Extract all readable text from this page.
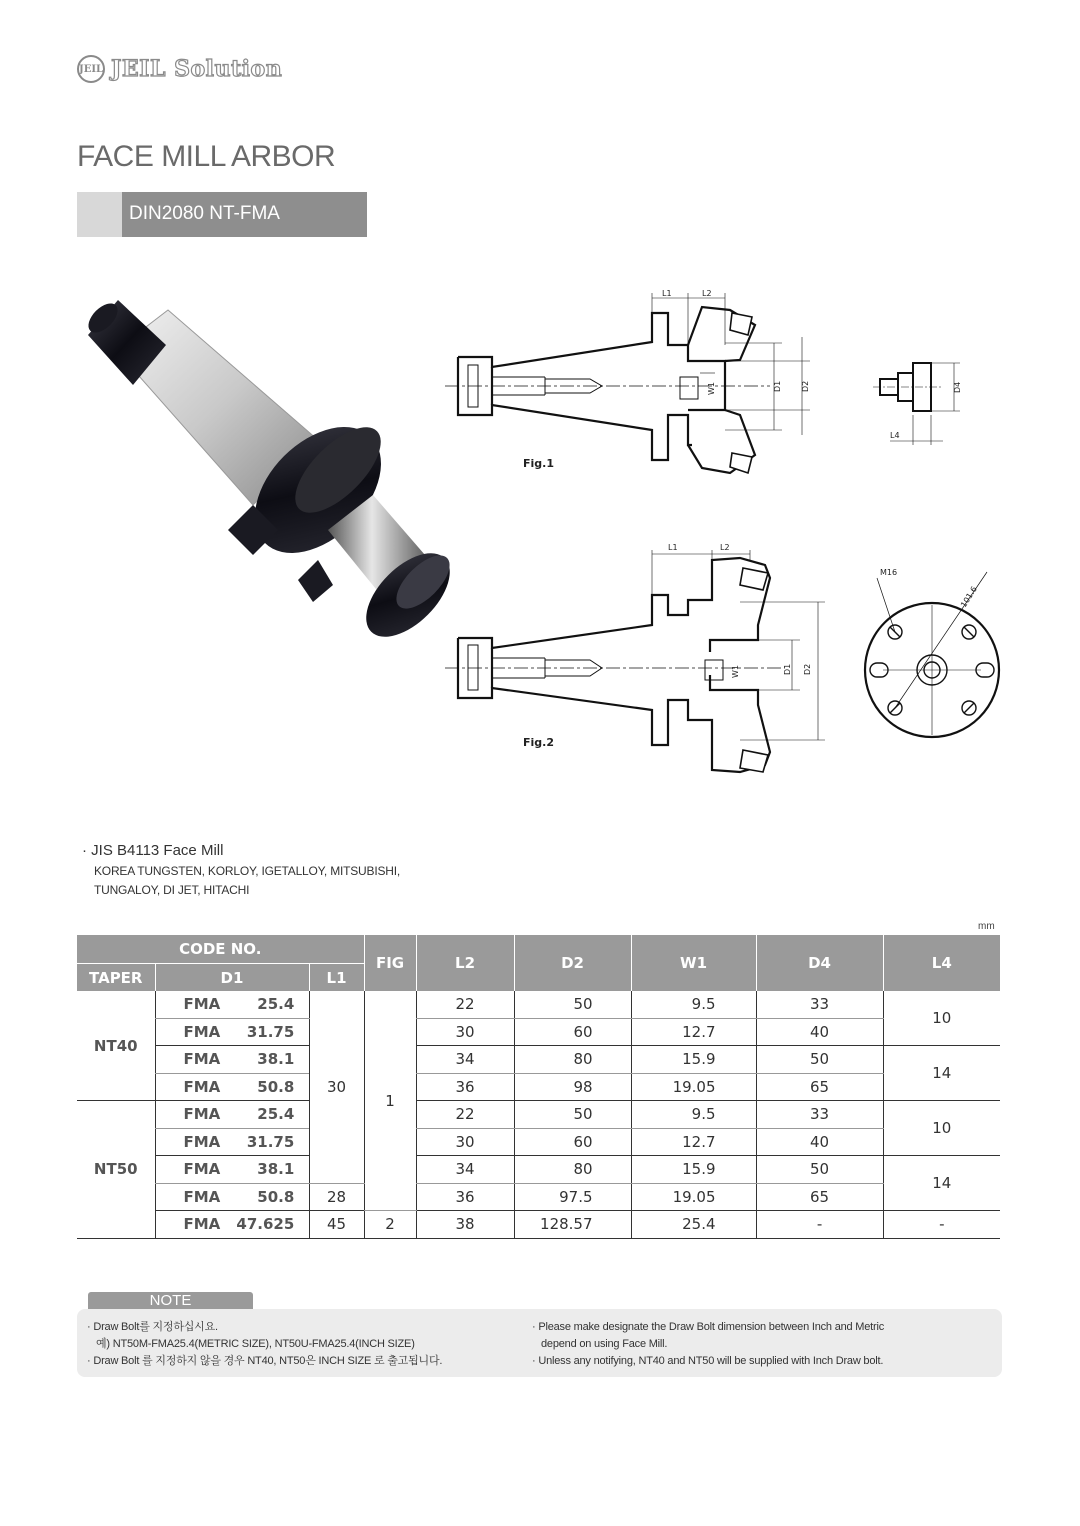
JEIL JEIL Solution
FACE MILL ARBOR
DIN2080 NT-FMA
L1	L2
W1	D1 D2
Fig.1
L4
D4
L1	L2
W1	D1 D2
Fig.2
M16
101.6
· JIS B4113 Face Mill
KOREA TUNGSTEN, KORLOY, IGETALLOY, MITSUBISHI,
TUNGALOY, DI JET, HITACHI
mm
CODE NO.			FIG	L2	D2	W1	D4	L4
TAPER	D1	L1						
NT40	FMA 25.4	30	1	22	50	9.5	33	10
	FMA 31.75			30	60	12.7	40	
	FMA 38.1			34	80	15.9	50	14
	FMA 50.8			36	98	19.05	65	
NT50	FMA 25.4			22	50	9.5	33	10
	FMA 31.75			30	60	12.7	40	
	FMA 38.1			34	80	15.9	50	14
	FMA 50.8	28		36	97.5	19.05	65	
	FMA 47.625	45	2	38	128.57	25.4	-	-
NOTE
· Draw Bolt를 지정하십시요.
예) NT50M-FMA25.4(METRIC SIZE), NT50U-FMA25.4(INCH SIZE)
· Draw Bolt 를 지정하지 않을 경우 NT40, NT50은 INCH SIZE 로 출고됩니다.
· Please make designate the Draw Bolt dimension between Inch and Metric
depend on using Face Mill.
· Unless any notifying, NT40 and NT50 will be supplied with Inch Draw bolt.
